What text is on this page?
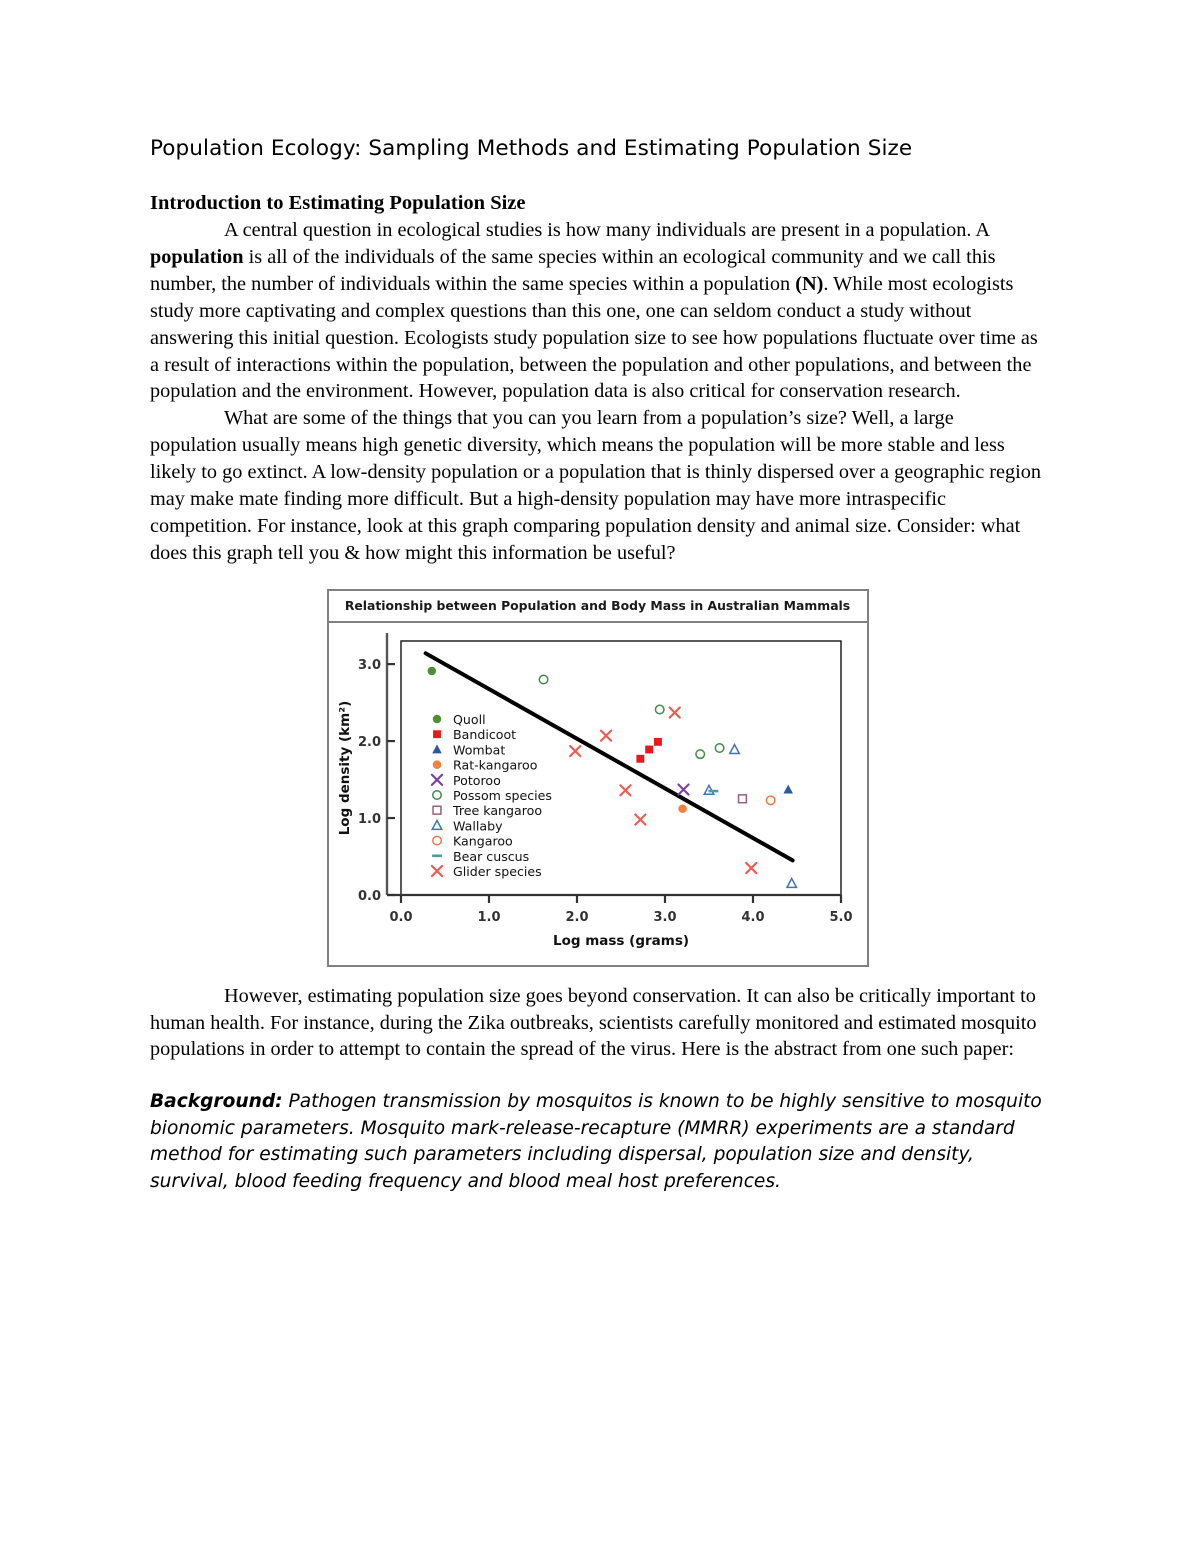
Population Ecology: Sampling Methods and Estimating Population Size
Introduction to Estimating Population Size

A central question in ecological studies is how many individuals are present in a population. A population is all of the individuals of the same species within an ecological community and we call this number, the number of individuals within the same species within a population (N). While most ecologists study more captivating and complex questions than this one, one can seldom conduct a study without answering this initial question. Ecologists study population size to see how populations fluctuate over time as a result of interactions within the population, between the population and other populations, and between the population and the environment. However, population data is also critical for conservation research.

What are some of the things that you can you learn from a population’s size? Well, a large population usually means high genetic diversity, which means the population will be more stable and less likely to go extinct. A low-density population or a population that is thinly dispersed over a geographic region may make mate finding more difficult. But a high-density population may have more intraspecific competition. For instance, look at this graph comparing population density and animal size. Consider: what does this graph tell you & how might this information be useful?

Relationship between Population and Body Mass in Australian Mammals
0.0
1.0
2.0
3.0
0.0	1.0	2.0	3.0	4.0	5.0
Log mass (grams)
Log density (km²)	Quoll
Bandicoot
Wombat
Rat-kangaroo
Potoroo
Possom species
Tree kangaroo
Wallaby
Kangaroo
Bear cuscus
Glider species

However, estimating population size goes beyond conservation. It can also be critically important to human health. For instance, during the Zika outbreaks, scientists carefully monitored and estimated mosquito populations in order to attempt to contain the spread of the virus. Here is the abstract from one such paper:

Background: Pathogen transmission by mosquitos is known to be highly sensitive to mosquito bionomic parameters. Mosquito mark-release-recapture (MMRR) experiments are a standard method for estimating such parameters including dispersal, population size and density, survival, blood feeding frequency and blood meal host preferences.
